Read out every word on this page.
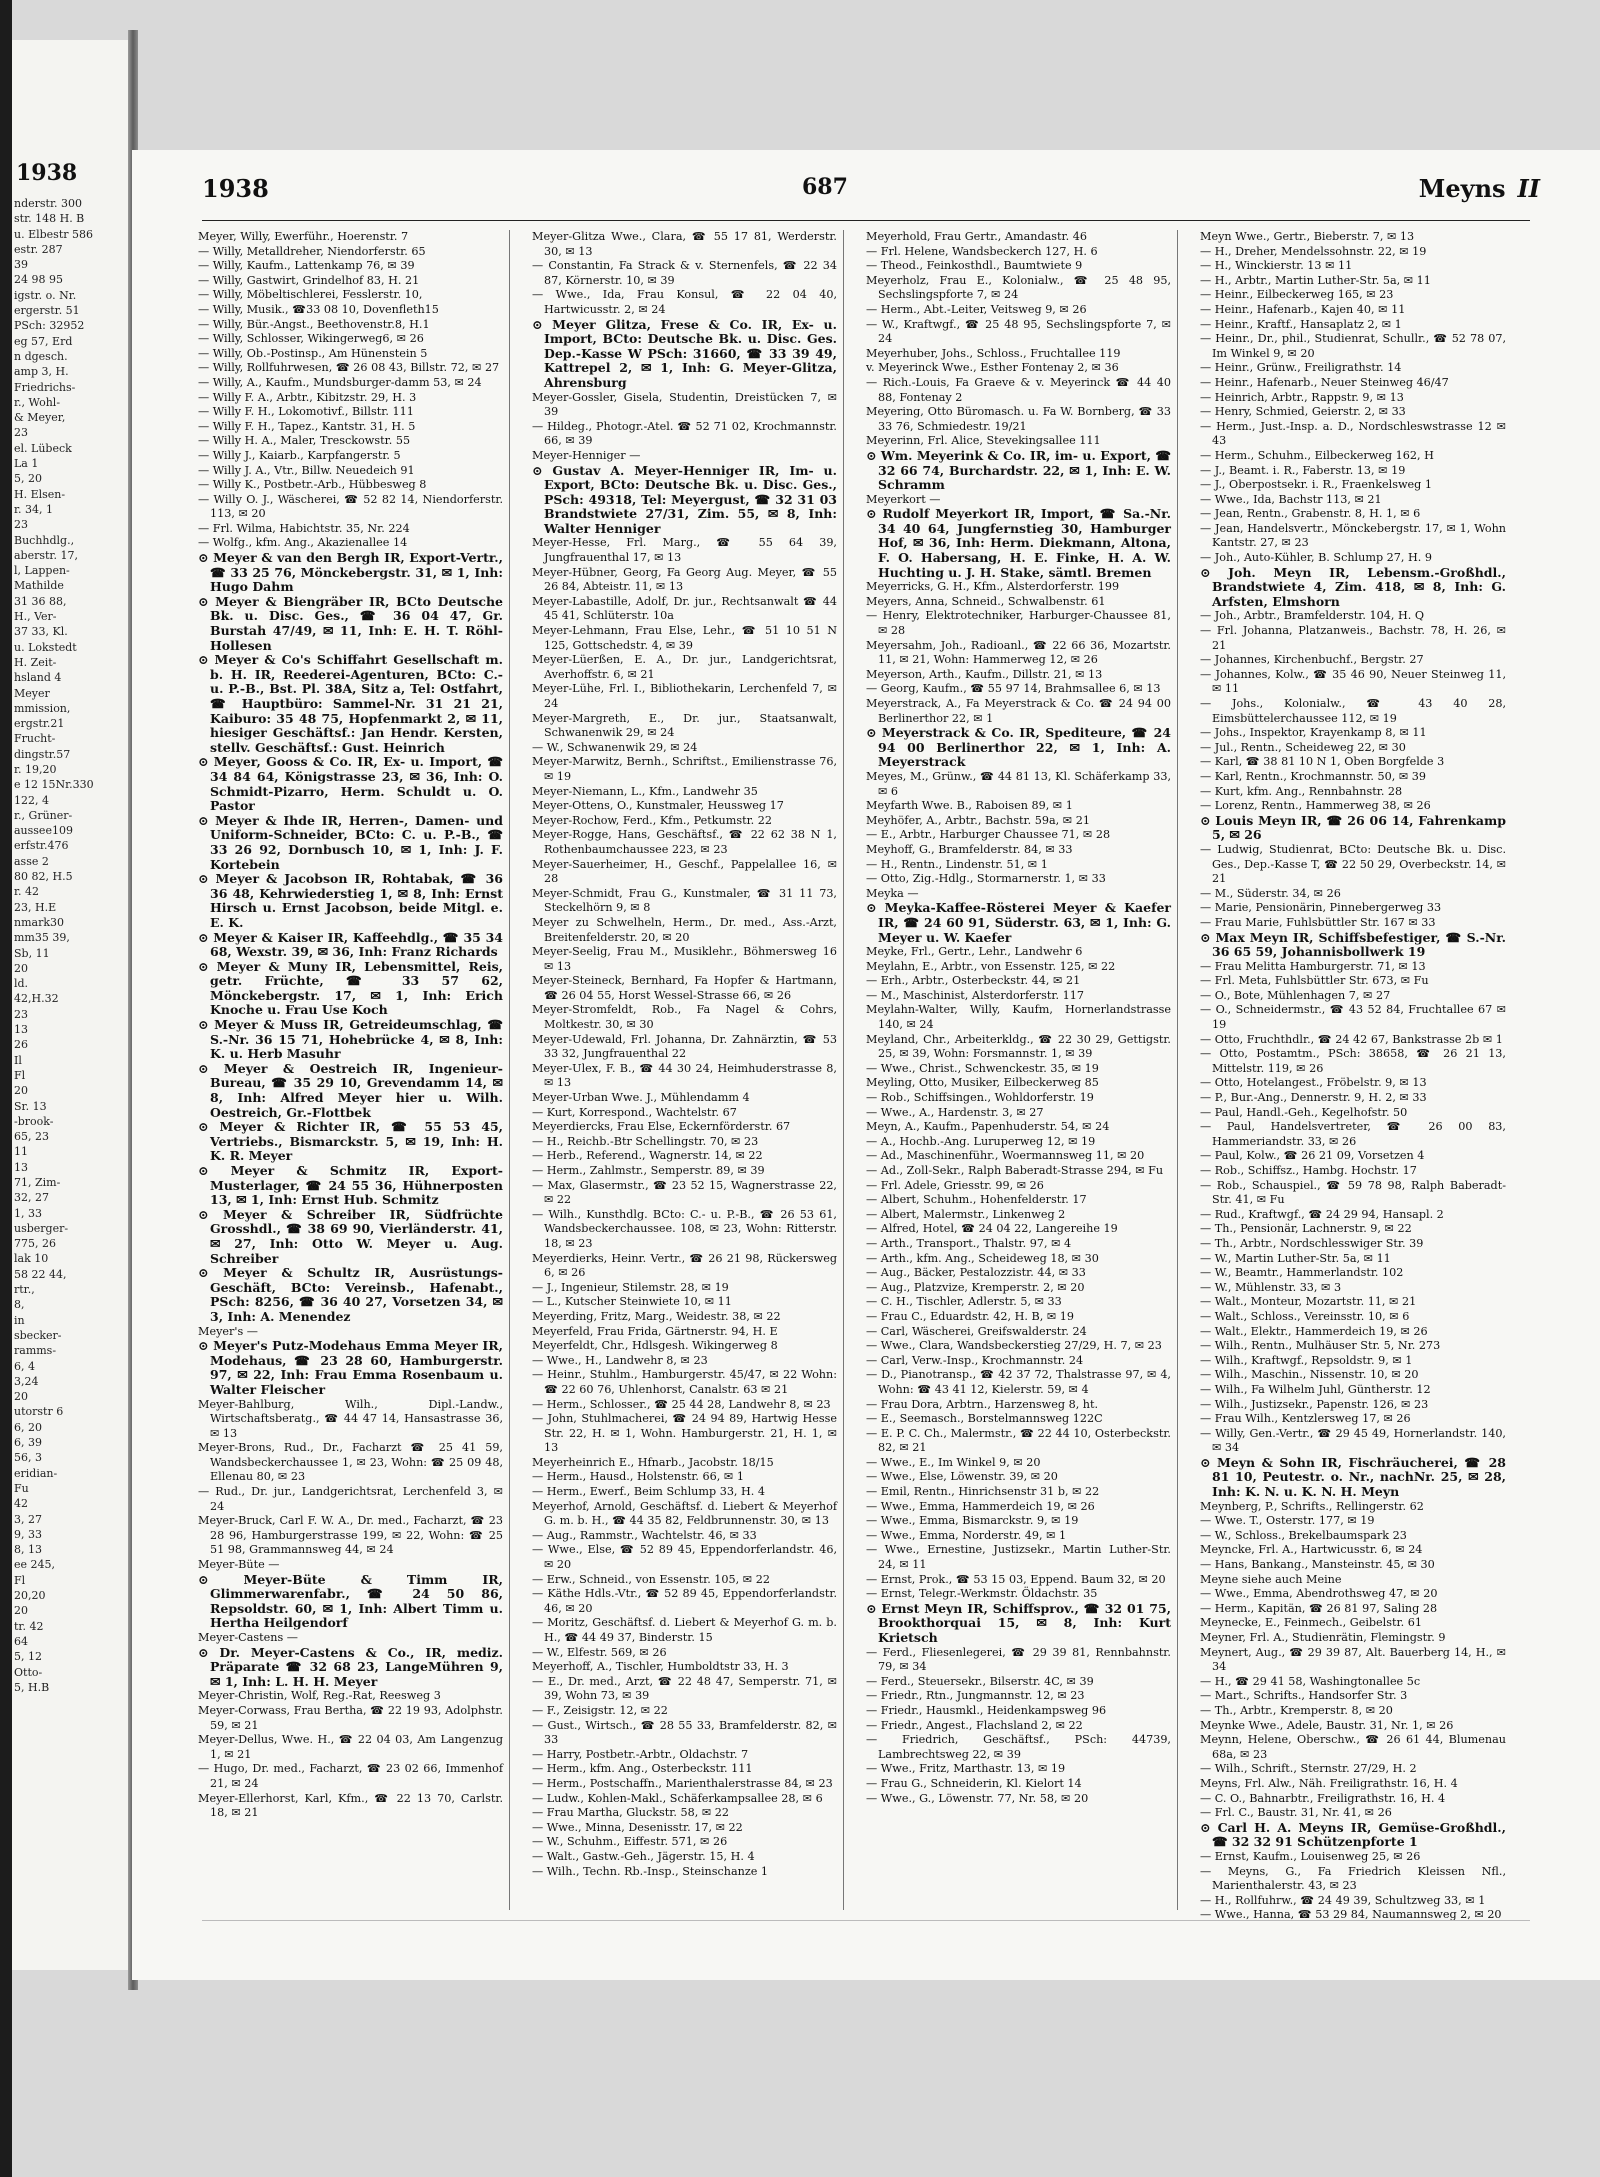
1938
nderstr. 300
str. 148 H. B
u. Elbestr 586
estr. 287
39
24 98 95
igstr. o. Nr.
ergerstr. 51
PSch: 32952
eg 57, Erd
n dgesch.
amp 3, H.
Friedrichs-
r., Wohl-
& Meyer,
23
el. Lübeck
La 1
5, 20
H. Elsen-
r. 34, 1
23
Buchhdlg.,
aberstr. 17,
l, Lappen-
Mathilde
31 36 88,
H., Ver-
37 33, Kl.
u. Lokstedt
H. Zeit-
hsland 4
Meyer
mmission,
ergstr.21
Frucht-
dingstr.57
r. 19,20
e 12 15Nr.330
122, 4
r., Grüner-
aussee109
erfstr.476
asse 2
80 82, H.5
r. 42
23, H.E
nmark30
mm35 39,
Sb, 11
20
ld.
42,H.32
23
13
26
Il
Fl
20
Sr. 13
-brook-
65, 23
11
13
71, Zim-
32, 27
1, 33
usberger-
775, 26
lak 10
58 22 44,
rtr.,
8,
in
sbecker-
ramms-
6, 4
3,24
20
utorstr 6
6, 20
6, 39
56, 3
eridian-
Fu
42
3, 27
9, 33
8, 13
ee 245,
Fl
20,20
20
tr. 42
64
5, 12
Otto-
5, H.B
1938	687	Meyns II

Meyer, Willy, Ewerführ., Hoerenstr. 7

— Willy, Metalldreher, Niendorferstr. 65

— Willy, Kaufm., Lattenkamp 76, ✉ 39

— Willy, Gastwirt, Grindelhof 83, H. 21

— Willy, Möbeltischlerei, Fesslerstr. 10,

— Willy, Musik., ☎33 08 10, Dovenfleth15

— Willy, Bür.-Angst., Beethovenstr.8, H.1

— Willy, Schlosser, Wikingerweg6, ✉ 26

— Willy, Ob.-Postinsp., Am Hünenstein 5

— Willy, Rollfuhrwesen, ☎ 26 08 43, Billstr. 72, ✉ 27

— Willy, A., Kaufm., Mundsburger-damm 53, ✉ 24

— Willy F. A., Arbtr., Kibitzstr. 29, H. 3

— Willy F. H., Lokomotivf., Billstr. 111

— Willy F. H., Tapez., Kantstr. 31, H. 5

— Willy H. A., Maler, Tresckowstr. 55

— Willy J., Kaiarb., Karpfangerstr. 5

— Willy J. A., Vtr., Billw. Neuedeich 91

— Willy K., Postbetr.-Arb., Hübbesweg 8

— Willy O. J., Wäscherei, ☎ 52 82 14, Niendorferstr. 113, ✉ 20

— Frl. Wilma, Habichtstr. 35, Nr. 224

— Wolfg., kfm. Ang., Akazienallee 14

⊙ Meyer & van den Bergh IR, Export-Vertr., ☎ 33 25 76, Mönckebergstr. 31, ✉ 1, Inh: Hugo Dahm

⊙ Meyer & Biengräber IR, BCto Deutsche Bk. u. Disc. Ges., ☎ 36 04 47, Gr. Burstah 47/49, ✉ 11, Inh: E. H. T. Röhl-Hollesen

⊙ Meyer & Co's Schiffahrt Gesellschaft m. b. H. IR, Reederei-Agenturen, BCto: C.- u. P.-B., Bst. Pl. 38A, Sitz a, Tel: Ostfahrt, ☎ Hauptbüro: Sammel-Nr. 31 21 21, Kaiburo: 35 48 75, Hopfenmarkt 2, ✉ 11, hiesiger Geschäftsf.: Jan Hendr. Kersten, stellv. Geschäftsf.: Gust. Heinrich

⊙ Meyer, Gooss & Co. IR, Ex- u. Import, ☎ 34 84 64, Königstrasse 23, ✉ 36, Inh: O. Schmidt-Pizarro, Herm. Schuldt u. O. Pastor

⊙ Meyer & Ihde IR, Herren-, Damen- und Uniform-Schneider, BCto: C. u. P.-B., ☎ 33 26 92, Dornbusch 10, ✉ 1, Inh: J. F. Kortebein

⊙ Meyer & Jacobson IR, Rohtabak, ☎ 36 36 48, Kehrwiederstieg 1, ✉ 8, Inh: Ernst Hirsch u. Ernst Jacobson, beide Mitgl. e. E. K.

⊙ Meyer & Kaiser IR, Kaffeehdlg., ☎ 35 34 68, Wexstr. 39, ✉ 36, Inh: Franz Richards

⊙ Meyer & Muny IR, Lebensmittel, Reis, getr. Früchte, ☎ 33 57 62, Mönckebergstr. 17, ✉ 1, Inh: Erich Knoche u. Frau Use Koch

⊙ Meyer & Muss IR, Getreideumschlag, ☎ S.-Nr. 36 15 71, Hohebrücke 4, ✉ 8, Inh: K. u. Herb Masuhr

⊙ Meyer & Oestreich IR, Ingenieur-Bureau, ☎ 35 29 10, Grevendamm 14, ✉ 8, Inh: Alfred Meyer hier u. Wilh. Oestreich, Gr.-Flottbek

⊙ Meyer & Richter IR, ☎ 55 53 45, Vertriebs., Bismarckstr. 5, ✉ 19, Inh: H. K. R. Meyer

⊙ Meyer & Schmitz IR, Export-Musterlager, ☎ 24 55 36, Hühnerposten 13, ✉ 1, Inh: Ernst Hub. Schmitz

⊙ Meyer & Schreiber IR, Südfrüchte Grosshdl., ☎ 38 69 90, Vierländerstr. 41, ✉ 27, Inh: Otto W. Meyer u. Aug. Schreiber

⊙ Meyer & Schultz IR, Ausrüstungs-Geschäft, BCto: Vereinsb., Hafenabt., PSch: 8256, ☎ 36 40 27, Vorsetzen 34, ✉ 3, Inh: A. Menendez

Meyer's —

⊙ Meyer's Putz-Modehaus Emma Meyer IR, Modehaus, ☎ 23 28 60, Hamburgerstr. 97, ✉ 22, Inh: Frau Emma Rosenbaum u. Walter Fleischer

Meyer-Bahlburg, Wilh., Dipl.-Landw., Wirtschaftsberatg., ☎ 44 47 14, Hansastrasse 36, ✉ 13

Meyer-Brons, Rud., Dr., Facharzt ☎ 25 41 59, Wandsbeckerchaussee 1, ✉ 23, Wohn: ☎ 25 09 48, Ellenau 80, ✉ 23

— Rud., Dr. jur., Landgerichtsrat, Lerchenfeld 3, ✉ 24

Meyer-Bruck, Carl F. W. A., Dr. med., Facharzt, ☎ 23 28 96, Hamburgerstrasse 199, ✉ 22, Wohn: ☎ 25 51 98, Grammannsweg 44, ✉ 24

Meyer-Büte —

⊙ Meyer-Büte & Timm IR, Glimmerwarenfabr., ☎ 24 50 86, Repsoldstr. 60, ✉ 1, Inh: Albert Timm u. Hertha Heilgendorf

Meyer-Castens —

⊙ Dr. Meyer-Castens & Co., IR, mediz. Präparate ☎ 32 68 23, LangeMühren 9, ✉ 1, Inh: L. H. H. Meyer

Meyer-Christin, Wolf, Reg.-Rat, Reesweg 3

Meyer-Corwass, Frau Bertha, ☎ 22 19 93, Adolphstr. 59, ✉ 21

Meyer-Dellus, Wwe. H., ☎ 22 04 03, Am Langenzug 1, ✉ 21

— Hugo, Dr. med., Facharzt, ☎ 23 02 66, Immenhof 21, ✉ 24

Meyer-Ellerhorst, Karl, Kfm., ☎ 22 13 70, Carlstr. 18, ✉ 21

Meyer-Glitza Wwe., Clara, ☎ 55 17 81, Werderstr. 30, ✉ 13

— Constantin, Fa Strack & v. Sternenfels, ☎ 22 34 87, Körnerstr. 10, ✉ 39

— Wwe., Ida, Frau Konsul, ☎ 22 04 40, Hartwicusstr. 2, ✉ 24

⊙ Meyer Glitza, Frese & Co. IR, Ex- u. Import, BCto: Deutsche Bk. u. Disc. Ges. Dep.-Kasse W PSch: 31660, ☎ 33 39 49, Kattrepel 2, ✉ 1, Inh: G. Meyer-Glitza, Ahrensburg

Meyer-Gossler, Gisela, Studentin, Dreistücken 7, ✉ 39

— Hildeg., Photogr.-Atel. ☎ 52 71 02, Krochmannstr. 66, ✉ 39

Meyer-Henniger —

⊙ Gustav A. Meyer-Henniger IR, Im- u. Export, BCto: Deutsche Bk. u. Disc. Ges., PSch: 49318, Tel: Meyergust, ☎ 32 31 03 Brandstwiete 27/31, Zim. 55, ✉ 8, Inh: Walter Henniger

Meyer-Hesse, Frl. Marg., ☎ 55 64 39, Jungfrauenthal 17, ✉ 13

Meyer-Hübner, Georg, Fa Georg Aug. Meyer, ☎ 55 26 84, Abteistr. 11, ✉ 13

Meyer-Labastille, Adolf, Dr. jur., Rechtsanwalt ☎ 44 45 41, Schlüterstr. 10a

Meyer-Lehmann, Frau Else, Lehr., ☎ 51 10 51 N 125, Gottschedstr. 4, ✉ 39

Meyer-Lüerßen, E. A., Dr. jur., Landgerichtsrat, Averhoffstr. 6, ✉ 21

Meyer-Lühe, Frl. I., Bibliothekarin, Lerchenfeld 7, ✉ 24

Meyer-Margreth, E., Dr. jur., Staatsanwalt, Schwanenwik 29, ✉ 24

— W., Schwanenwik 29, ✉ 24

Meyer-Marwitz, Bernh., Schriftst., Emilienstrasse 76, ✉ 19

Meyer-Niemann, L., Kfm., Landwehr 35

Meyer-Ottens, O., Kunstmaler, Heussweg 17

Meyer-Rochow, Ferd., Kfm., Petkumstr. 22

Meyer-Rogge, Hans, Geschäftsf., ☎ 22 62 38 N 1, Rothenbaumchaussee 223, ✉ 23

Meyer-Sauerheimer, H., Geschf., Pappelallee 16, ✉ 28

Meyer-Schmidt, Frau G., Kunstmaler, ☎ 31 11 73, Steckelhörn 9, ✉ 8

Meyer zu Schwelheln, Herm., Dr. med., Ass.-Arzt, Breitenfelderstr. 20, ✉ 20

Meyer-Seelig, Frau M., Musiklehr., Böhmersweg 16 ✉ 13

Meyer-Steineck, Bernhard, Fa Hopfer & Hartmann, ☎ 26 04 55, Horst Wessel-Strasse 66, ✉ 26

Meyer-Stromfeldt, Rob., Fa Nagel & Cohrs, Moltkestr. 30, ✉ 30

Meyer-Udewald, Frl. Johanna, Dr. Zahnärztin, ☎ 53 33 32, Jungfrauenthal 22

Meyer-Ulex, F. B., ☎ 44 30 24, Heimhuderstrasse 8, ✉ 13

Meyer-Urban Wwe. J., Mühlendamm 4

— Kurt, Korrespond., Wachtelstr. 67

Meyerdiercks, Frau Else, Eckernförderstr. 67

— H., Reichb.-Btr Schellingstr. 70, ✉ 23

— Herb., Referend., Wagnerstr. 14, ✉ 22

— Herm., Zahlmstr., Semperstr. 89, ✉ 39

— Max, Glasermstr., ☎ 23 52 15, Wagnerstrasse 22, ✉ 22

— Wilh., Kunsthdlg. BCto: C.- u. P.-B., ☎ 26 53 61, Wandsbeckerchaussee. 108, ✉ 23, Wohn: Ritterstr. 18, ✉ 23

Meyerdierks, Heinr. Vertr., ☎ 26 21 98, Rückersweg 6, ✉ 26

— J., Ingenieur, Stilemstr. 28, ✉ 19

— L., Kutscher Steinwiete 10, ✉ 11

Meyerding, Fritz, Marg., Weidestr. 38, ✉ 22

Meyerfeld, Frau Frida, Gärtnerstr. 94, H. E

Meyerfeldt, Chr., Hdlsgesh. Wikingerweg 8

— Wwe., H., Landwehr 8, ✉ 23

— Heinr., Stuhlm., Hamburgerstr. 45/47, ✉ 22 Wohn: ☎ 22 60 76, Uhlenhorst, Canalstr. 63 ✉ 21

— Herm., Schlosser., ☎ 25 44 28, Landwehr 8, ✉ 23

— John, Stuhlmacherei, ☎ 24 94 89, Hartwig Hesse Str. 22, H. ✉ 1, Wohn. Hamburgerstr. 21, H. 1, ✉ 13

Meyerheinrich E., Hfnarb., Jacobstr. 18/15

— Herm., Hausd., Holstenstr. 66, ✉ 1

— Herm., Ewerf., Beim Schlump 33, H. 4

Meyerhof, Arnold, Geschäftsf. d. Liebert & Meyerhof G. m. b. H., ☎ 44 35 82, Feldbrunnenstr. 30, ✉ 13

— Aug., Rammstr., Wachtelstr. 46, ✉ 33

— Wwe., Else, ☎ 52 89 45, Eppendorferlandstr. 46, ✉ 20

— Erw., Schneid., von Essenstr. 105, ✉ 22

— Käthe Hdls.-Vtr., ☎ 52 89 45, Eppendorferlandstr. 46, ✉ 20

— Moritz, Geschäftsf. d. Liebert & Meyerhof G. m. b. H., ☎ 44 49 37, Binderstr. 15

— W., Elfestr. 569, ✉ 26

Meyerhoff, A., Tischler, Humboldtstr 33, H. 3

— E., Dr. med., Arzt, ☎ 22 48 47, Semperstr. 71, ✉ 39, Wohn 73, ✉ 39

— F., Zeisigstr. 12, ✉ 22

— Gust., Wirtsch., ☎ 28 55 33, Bramfelderstr. 82, ✉ 33

— Harry, Postbetr.-Arbtr., Oldachstr. 7

— Herm., kfm. Ang., Osterbeckstr. 111

— Herm., Postschaffn., Marienthalerstrasse 84, ✉ 23

— Ludw., Kohlen-Makl., Schäferkampsallee 28, ✉ 6

— Frau Martha, Gluckstr. 58, ✉ 22

— Wwe., Minna, Desenisstr. 17, ✉ 22

— W., Schuhm., Eiffestr. 571, ✉ 26

— Walt., Gastw.-Geh., Jägerstr. 15, H. 4

— Wilh., Techn. Rb.-Insp., Steinschanze 1

Meyerhold, Frau Gertr., Amandastr. 46

— Frl. Helene, Wandsbeckerch 127, H. 6

— Theod., Feinkosthdl., Baumtwiete 9

Meyerholz, Frau E., Kolonialw., ☎ 25 48 95, Sechslingspforte 7, ✉ 24

— Herm., Abt.-Leiter, Veitsweg 9, ✉ 26

— W., Kraftwgf., ☎ 25 48 95, Sechslingspforte 7, ✉ 24

Meyerhuber, Johs., Schloss., Fruchtallee 119

v. Meyerinck Wwe., Esther Fontenay 2, ✉ 36

— Rich.-Louis, Fa Graeve & v. Meyerinck ☎ 44 40 88, Fontenay 2

Meyering, Otto Büromasch. u. Fa W. Bornberg, ☎ 33 33 76, Schmiedestr. 19/21

Meyerinn, Frl. Alice, Stevekingsallee 111

⊙ Wm. Meyerink & Co. IR, im- u. Export, ☎ 32 66 74, Burchardstr. 22, ✉ 1, Inh: E. W. Schramm

Meyerkort —

⊙ Rudolf Meyerkort IR, Import, ☎ Sa.-Nr. 34 40 64, Jungfernstieg 30, Hamburger Hof, ✉ 36, Inh: Herm. Diekmann, Altona, F. O. Habersang, H. E. Finke, H. A. W. Huchting u. J. H. Stake, sämtl. Bremen

Meyerricks, G. H., Kfm., Alsterdorferstr. 199

Meyers, Anna, Schneid., Schwalbenstr. 61

— Henry, Elektrotechniker, Harburger-Chaussee 81, ✉ 28

Meyersahm, Joh., Radioanl., ☎ 22 66 36, Mozartstr. 11, ✉ 21, Wohn: Hammerweg 12, ✉ 26

Meyerson, Arth., Kaufm., Dillstr. 21, ✉ 13

— Georg, Kaufm., ☎ 55 97 14, Brahmsallee 6, ✉ 13

Meyerstrack, A., Fa Meyerstrack & Co. ☎ 24 94 00 Berlinerthor 22, ✉ 1

⊙ Meyerstrack & Co. IR, Spediteure, ☎ 24 94 00 Berlinerthor 22, ✉ 1, Inh: A. Meyerstrack

Meyes, M., Grünw., ☎ 44 81 13, Kl. Schäferkamp 33, ✉ 6

Meyfarth Wwe. B., Raboisen 89, ✉ 1

Meyhöfer, A., Arbtr., Bachstr. 59a, ✉ 21

— E., Arbtr., Harburger Chaussee 71, ✉ 28

Meyhoff, G., Bramfelderstr. 84, ✉ 33

— H., Rentn., Lindenstr. 51, ✉ 1

— Otto, Zig.-Hdlg., Stormarnerstr. 1, ✉ 33

Meyka —

⊙ Meyka-Kaffee-Rösterei Meyer & Kaefer IR, ☎ 24 60 91, Süderstr. 63, ✉ 1, Inh: G. Meyer u. W. Kaefer

Meyke, Frl., Gertr., Lehr., Landwehr 6

Meylahn, E., Arbtr., von Essenstr. 125, ✉ 22

— Erh., Arbtr., Osterbeckstr. 44, ✉ 21

— M., Maschinist, Alsterdorferstr. 117

Meylahn-Walter, Willy, Kaufm, Hornerlandstrasse 140, ✉ 24

Meyland, Chr., Arbeiterkldg., ☎ 22 30 29, Gettigstr. 25, ✉ 39, Wohn: Forsmannstr. 1, ✉ 39

— Wwe., Christ., Schwenckestr. 35, ✉ 19

Meyling, Otto, Musiker, Eilbeckerweg 85

— Rob., Schiffsingen., Wohldorferstr. 19

— Wwe., A., Hardenstr. 3, ✉ 27

Meyn, A., Kaufm., Papenhuderstr. 54, ✉ 24

— A., Hochb.-Ang. Luruperweg 12, ✉ 19

— Ad., Maschinenführ., Woermannsweg 11, ✉ 20

— Ad., Zoll-Sekr., Ralph Baberadt-Strasse 294, ✉ Fu

— Frl. Adele, Griesstr. 99, ✉ 26

— Albert, Schuhm., Hohenfelderstr. 17

— Albert, Malermstr., Linkenweg 2

— Alfred, Hotel, ☎ 24 04 22, Langereihe 19

— Arth., Transport., Thalstr. 97, ✉ 4

— Arth., kfm. Ang., Scheideweg 18, ✉ 30

— Aug., Bäcker, Pestalozzistr. 44, ✉ 33

— Aug., Platzvize, Kremperstr. 2, ✉ 20

— C. H., Tischler, Adlerstr. 5, ✉ 33

— Frau C., Eduardstr. 42, H. B, ✉ 19

— Carl, Wäscherei, Greifswalderstr. 24

— Wwe., Clara, Wandsbeckerstieg 27/29, H. 7, ✉ 23

— Carl, Verw.-Insp., Krochmannstr. 24

— D., Pianotransp., ☎ 42 37 72, Thalstrasse 97, ✉ 4, Wohn: ☎ 43 41 12, Kielerstr. 59, ✉ 4

— Frau Dora, Arbtrn., Harzensweg 8, ht.

— E., Seemasch., Borstelmannsweg 122C

— E. P. C. Ch., Malermstr., ☎ 22 44 10, Osterbeckstr. 82, ✉ 21

— Wwe., E., Im Winkel 9, ✉ 20

— Wwe., Else, Löwenstr. 39, ✉ 20

— Emil, Rentn., Hinrichsenstr 31 b, ✉ 22

— Wwe., Emma, Hammerdeich 19, ✉ 26

— Wwe., Emma, Bismarckstr. 9, ✉ 19

— Wwe., Emma, Norderstr. 49, ✉ 1

— Wwe., Ernestine, Justizsekr., Martin Luther-Str. 24, ✉ 11

— Ernst, Prok., ☎ 53 15 03, Eppend. Baum 32, ✉ 20

— Ernst, Telegr.-Werkmstr. Öldachstr. 35

⊙ Ernst Meyn IR, Schiffsprov., ☎ 32 01 75, Brookthorquai 15, ✉ 8, Inh: Kurt Krietsch

— Ferd., Fliesenlegerei, ☎ 29 39 81, Rennbahnstr. 79, ✉ 34

— Ferd., Steuersekr., Bilserstr. 4C, ✉ 39

— Friedr., Rtn., Jungmannstr. 12, ✉ 23

— Friedr., Hausmkl., Heidenkampsweg 96

— Friedr., Angest., Flachsland 2, ✉ 22

— Friedrich, Geschäftsf., PSch: 44739, Lambrechtsweg 22, ✉ 39

— Wwe., Fritz, Marthastr. 13, ✉ 19

— Frau G., Schneiderin, Kl. Kielort 14

— Wwe., G., Löwenstr. 77, Nr. 58, ✉ 20

Meyn Wwe., Gertr., Bieberstr. 7, ✉ 13

— H., Dreher, Mendelssohnstr. 22, ✉ 19

— H., Winckierstr. 13 ✉ 11

— H., Arbtr., Martin Luther-Str. 5a, ✉ 11

— Heinr., Eilbeckerweg 165, ✉ 23

— Heinr., Hafenarb., Kajen 40, ✉ 11

— Heinr., Kraftf., Hansaplatz 2, ✉ 1

— Heinr., Dr., phil., Studienrat, Schullr., ☎ 52 78 07, Im Winkel 9, ✉ 20

— Heinr., Grünw., Freiligrathstr. 14

— Heinr., Hafenarb., Neuer Steinweg 46/47

— Heinrich, Arbtr., Rappstr. 9, ✉ 13

— Henry, Schmied, Geierstr. 2, ✉ 33

— Herm., Just.-Insp. a. D., Nordschleswstrasse 12 ✉ 43

— Herm., Schuhm., Eilbeckerweg 162, H

— J., Beamt. i. R., Faberstr. 13, ✉ 19

— J., Oberpostsekr. i. R., Fraenkelsweg 1

— Wwe., Ida, Bachstr 113, ✉ 21

— Jean, Rentn., Grabenstr. 8, H. 1, ✉ 6

— Jean, Handelsvertr., Mönckebergstr. 17, ✉ 1, Wohn Kantstr. 27, ✉ 23

— Joh., Auto-Kühler, B. Schlump 27, H. 9

⊙ Joh. Meyn IR, Lebensm.-Großhdl., Brandstwiete 4, Zim. 418, ✉ 8, Inh: G. Arfsten, Elmshorn

— Joh., Arbtr., Bramfelderstr. 104, H. Q

— Frl. Johanna, Platzanweis., Bachstr. 78, H. 26, ✉ 21

— Johannes, Kirchenbuchf., Bergstr. 27

— Johannes, Kolw., ☎ 35 46 90, Neuer Steinweg 11, ✉ 11

— Johs., Kolonialw., ☎ 43 40 28, Eimsbüttelerchaussee 112, ✉ 19

— Johs., Inspektor, Krayenkamp 8, ✉ 11

— Jul., Rentn., Scheideweg 22, ✉ 30

— Karl, ☎ 38 81 10 N 1, Oben Borgfelde 3

— Karl, Rentn., Krochmannstr. 50, ✉ 39

— Kurt, kfm. Ang., Rennbahnstr. 28

— Lorenz, Rentn., Hammerweg 38, ✉ 26

⊙ Louis Meyn IR, ☎ 26 06 14, Fahrenkamp 5, ✉ 26

— Ludwig, Studienrat, BCto: Deutsche Bk. u. Disc. Ges., Dep.-Kasse T, ☎ 22 50 29, Overbeckstr. 14, ✉ 21

— M., Süderstr. 34, ✉ 26

— Marie, Pensionärin, Pinnebergerweg 33

— Frau Marie, Fuhlsbüttler Str. 167 ✉ 33

⊙ Max Meyn IR, Schiffsbefestiger, ☎ S.-Nr. 36 65 59, Johannisbollwerk 19

— Frau Melitta Hamburgerstr. 71, ✉ 13

— Frl. Meta, Fuhlsbüttler Str. 673, ✉ Fu

— O., Bote, Mühlenhagen 7, ✉ 27

— O., Schneidermstr., ☎ 43 52 84, Fruchtallee 67 ✉ 19

— Otto, Fruchthdlr., ☎ 24 42 67, Bankstrasse 2b ✉ 1

— Otto, Postamtm., PSch: 38658, ☎ 26 21 13, Mittelstr. 119, ✉ 26

— Otto, Hotelangest., Fröbelstr. 9, ✉ 13

— P., Bur.-Ang., Dennerstr. 9, H. 2, ✉ 33

— Paul, Handl.-Geh., Kegelhofstr. 50

— Paul, Handelsvertreter, ☎ 26 00 83, Hammeriandstr. 33, ✉ 26

— Paul, Kolw., ☎ 26 21 09, Vorsetzen 4

— Rob., Schiffsz., Hambg. Hochstr. 17

— Rob., Schauspiel., ☎ 59 78 98, Ralph Baberadt-Str. 41, ✉ Fu

— Rud., Kraftwgf., ☎ 24 29 94, Hansapl. 2

— Th., Pensionär, Lachnerstr. 9, ✉ 22

— Th., Arbtr., Nordschlesswiger Str. 39

— W., Martin Luther-Str. 5a, ✉ 11

— W., Beamtr., Hammerlandstr. 102

— W., Mühlenstr. 33, ✉ 3

— Walt., Monteur, Mozartstr. 11, ✉ 21

— Walt., Schloss., Vereinsstr. 10, ✉ 6

— Walt., Elektr., Hammerdeich 19, ✉ 26

— Wilh., Rentn., Mulhäuser Str. 5, Nr. 273

— Wilh., Kraftwgf., Repsoldstr. 9, ✉ 1

— Wilh., Maschin., Nissenstr. 10, ✉ 20

— Wilh., Fa Wilhelm Juhl, Güntherstr. 12

— Wilh., Justizsekr., Papenstr. 126, ✉ 23

— Frau Wilh., Kentzlersweg 17, ✉ 26

— Willy, Gen.-Vertr., ☎ 29 45 49, Hornerlandstr. 140, ✉ 34

⊙ Meyn & Sohn IR, Fischräucherei, ☎ 28 81 10, Peutestr. o. Nr., nachNr. 25, ✉ 28, Inh: K. N. u. K. N. H. Meyn

Meynberg, P., Schrifts., Rellingerstr. 62

— Wwe. T., Osterstr. 177, ✉ 19

— W., Schloss., Brekelbaumspark 23

Meyncke, Frl. A., Hartwicusstr. 6, ✉ 24

— Hans, Bankang., Mansteinstr. 45, ✉ 30

Meyne siehe auch Meine

— Wwe., Emma, Abendrothsweg 47, ✉ 20

— Herm., Kapitän, ☎ 26 81 97, Saling 28

Meynecke, E., Feinmech., Geibelstr. 61

Meyner, Frl. A., Studienrätin, Flemingstr. 9

Meynert, Aug., ☎ 29 39 87, Alt. Bauerberg 14, H., ✉ 34

— H., ☎ 29 41 58, Washingtonallee 5c

— Mart., Schrifts., Handsorfer Str. 3

— Th., Arbtr., Kremperstr. 8, ✉ 20

Meynke Wwe., Adele, Baustr. 31, Nr. 1, ✉ 26

Meynn, Helene, Oberschw., ☎ 26 61 44, Blumenau 68a, ✉ 23

— Wilh., Schrift., Sternstr. 27/29, H. 2

Meyns, Frl. Alw., Näh. Freiligrathstr. 16, H. 4

— C. O., Bahnarbtr., Freiligrathstr. 16, H. 4

— Frl. C., Baustr. 31, Nr. 41, ✉ 26

⊙ Carl H. A. Meyns IR, Gemüse-Großhdl., ☎ 32 32 91 Schützenpforte 1

— Ernst, Kaufm., Louisenweg 25, ✉ 26

— Meyns, G., Fa Friedrich Kleissen Nfl., Marienthalerstr. 43, ✉ 23

— H., Rollfuhrw., ☎ 24 49 39, Schultzweg 33, ✉ 1

— Wwe., Hanna, ☎ 53 29 84, Naumannsweg 2, ✉ 20
